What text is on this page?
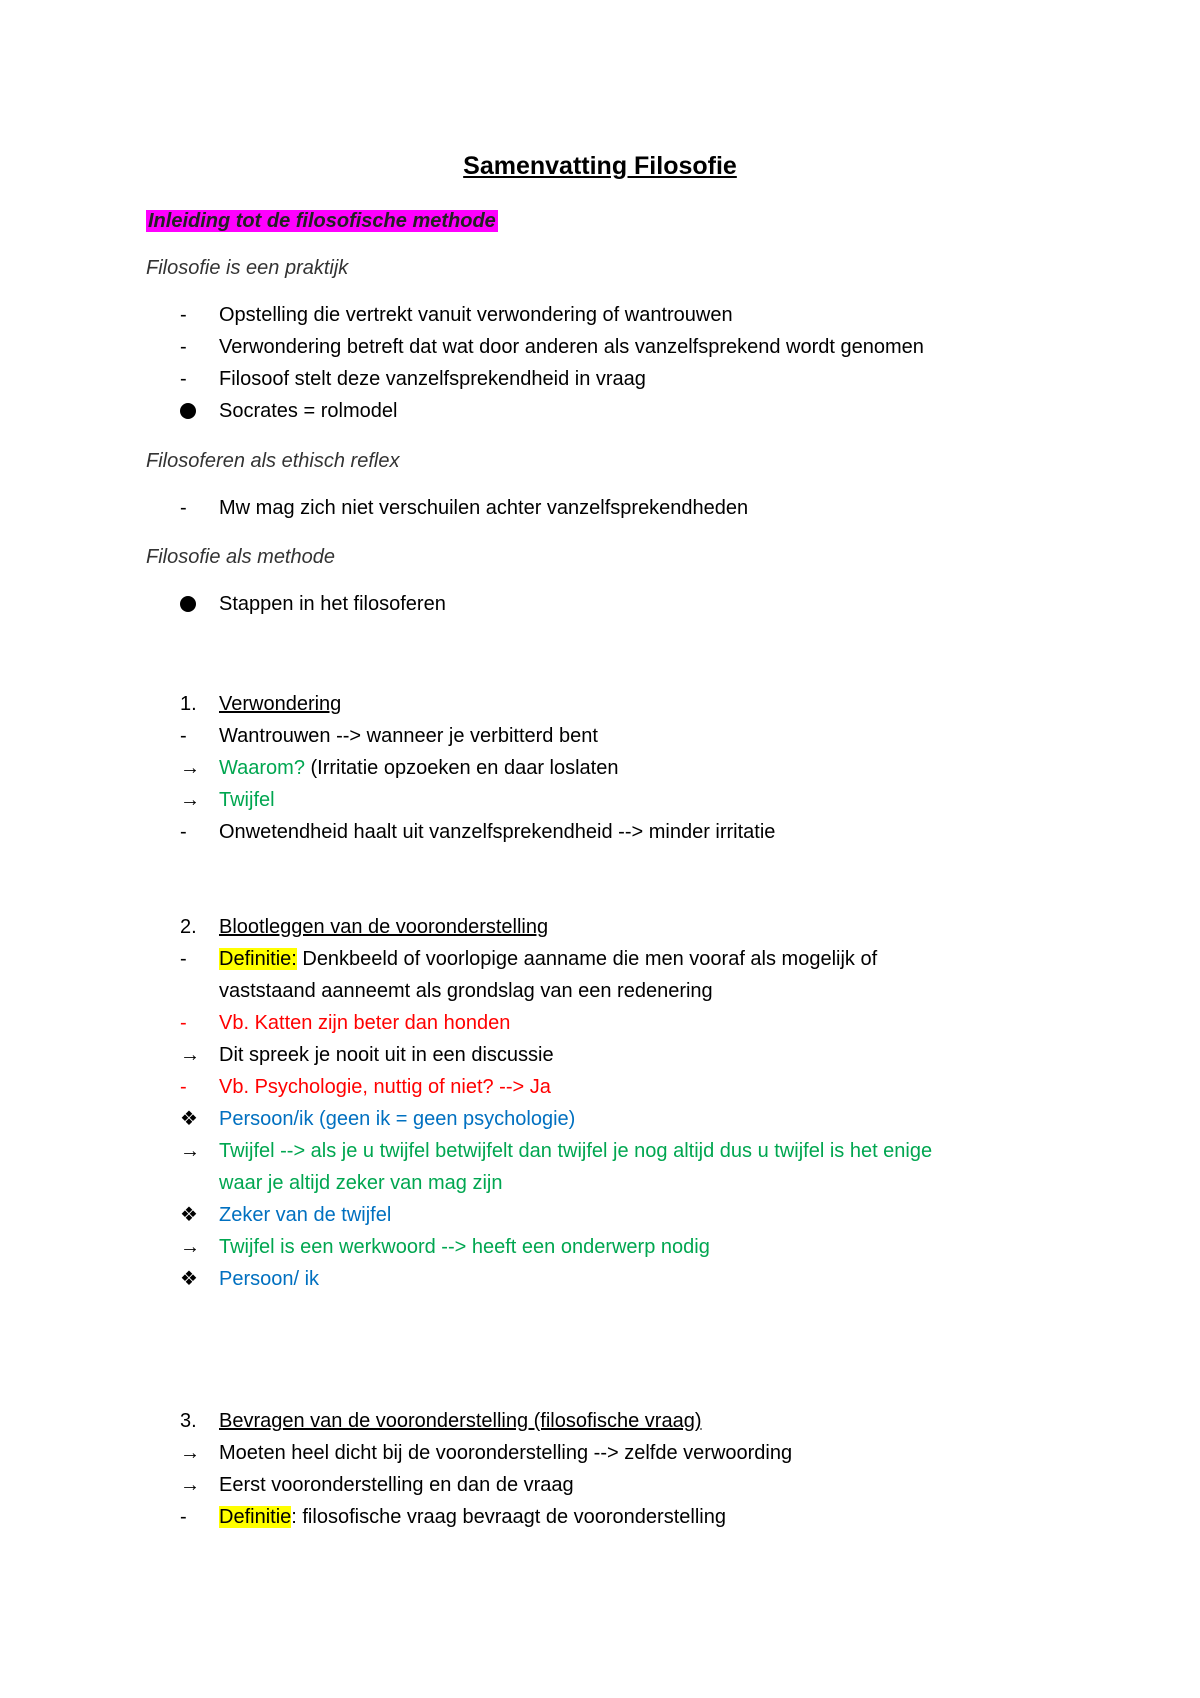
Samenvatting Filosofie
Inleiding tot de filosofische methode
Filosofie is een praktijk
-	Opstelling die vertrekt vanuit verwondering of wantrouwen
-	Verwondering betreft dat wat door anderen als vanzelfsprekend wordt genomen
-	Filosoof stelt deze vanzelfsprekendheid in vraag
Socrates = rolmodel
Filosoferen als ethisch reflex
-	Mw mag zich niet verschuilen achter vanzelfsprekendheden
Filosofie als methode
Stappen in het filosoferen
1.	Verwondering
-	Wantrouwen --> wanneer je verbitterd bent
→ Waarom? (Irritatie opzoeken en daar loslaten
→ Twijfel
-	Onwetendheid haalt uit vanzelfsprekendheid --> minder irritatie
2.	Blootleggen van de vooronderstelling
-	Definitie: Denkbeeld of voorlopige aanname die men vooraf als mogelijk of
vaststaand aanneemt als grondslag van een redenering
-	Vb. Katten zijn beter dan honden
→ Dit spreek je nooit uit in een discussie
-	Vb. Psychologie, nuttig of niet? --> Ja
❖	Persoon/ik (geen ik = geen psychologie)
→ Twijfel --> als je u twijfel betwijfelt dan twijfel je nog altijd dus u twijfel is het enige
waar je altijd zeker van mag zijn
❖	Zeker van de twijfel
→ Twijfel is een werkwoord --> heeft een onderwerp nodig
❖	Persoon/ ik
3.	Bevragen van de vooronderstelling (filosofische vraag)
→ Moeten heel dicht bij de vooronderstelling --> zelfde verwoording
→ Eerst vooronderstelling en dan de vraag
-	Definitie: filosofische vraag bevraagt de vooronderstelling
